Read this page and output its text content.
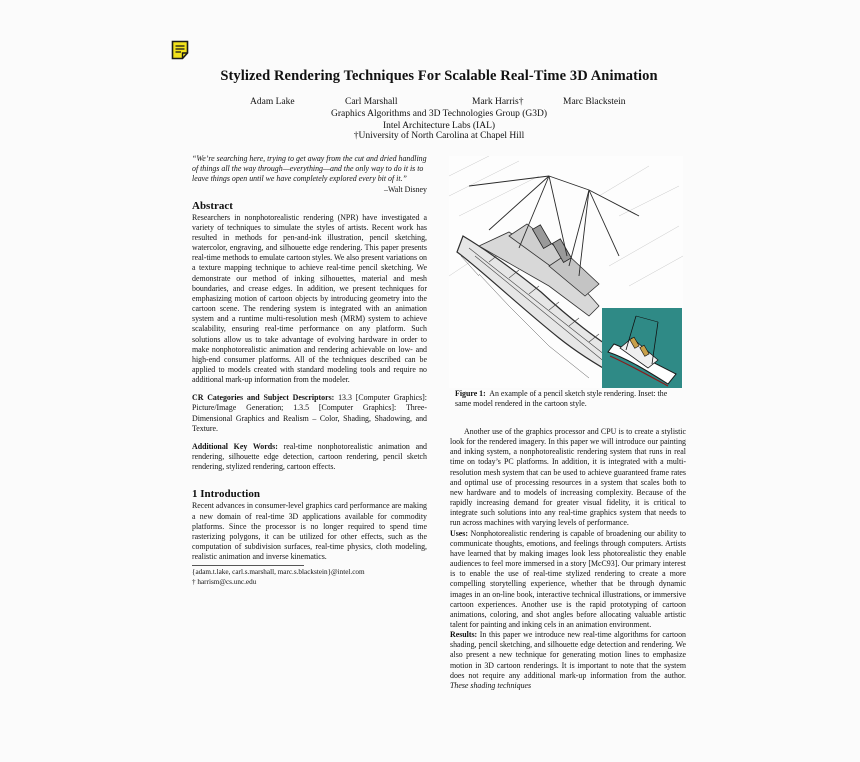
Stylized Rendering Techniques For Scalable Real-Time 3D Animation
Adam Lake	Carl Marshall	Mark Harris†	Marc Blackstein
Graphics Algorithms and 3D Technologies Group (G3D)
Intel Architecture Labs (IAL)
†University of North Carolina at Chapel Hill

“We’re searching here, trying to get away from the cut and dried handling of things all the way through—everything—and the only way to do it is to leave things open until we have completely explored every bit of it.”

–Walt Disney

Abstract

Researchers in nonphotorealistic rendering (NPR) have investigated a variety of techniques to simulate the styles of artists. Recent work has resulted in methods for pen-and-ink illustration, pencil sketching, watercolor, engraving, and silhouette edge rendering. This paper presents real-time methods to emulate cartoon styles. We also present variations on a texture mapping technique to achieve real-time pencil sketching. We demonstrate our method of inking silhouettes, material and mesh boundaries, and crease edges. In addition, we present techniques for emphasizing motion of cartoon objects by introducing geometry into the cartoon scene. The rendering system is integrated with an animation system and a runtime multi-resolution mesh (MRM) system to achieve scalability, ensuring real-time performance on any platform. Such solutions allow us to take advantage of evolving hardware in order to make nonphotorealistic animation and rendering achievable on low- and high-end consumer platforms. All of the techniques described can be applied to models created with standard modeling tools and require no additional mark-up information from the modeler.

CR Categories and Subject Descriptors: 13.3 [Computer Graphics]: Picture/Image Generation; 1.3.5 [Computer Graphics]: Three-Dimensional Graphics and Realism – Color, Shading, Shadowing, and Texture.

Additional Key Words: real-time nonphotorealistic animation and rendering, silhouette edge detection, cartoon rendering, pencil sketch rendering, stylized rendering, cartoon effects.

1 Introduction

Recent advances in consumer-level graphics card performance are making a new domain of real-time 3D applications available for commodity platforms. Since the processor is no longer required to spend time rasterizing polygons, it can be utilized for other effects, such as the computation of subdivision surfaces, real-time physics, cloth modeling, realistic animation and inverse kinematics.

{adam.t.lake, carl.s.marshall, marc.s.blackstein}@intel.com

† harrism@cs.unc.edu

Figure 1: An example of a pencil sketch style rendering. Inset: the same model rendered in the cartoon style.

Another use of the graphics processor and CPU is to create a stylistic look for the rendered imagery. In this paper we will introduce our painting and inking system, a nonphotorealistic rendering system that runs in real time on today’s PC platforms. In addition, it is integrated with a multi-resolution mesh system that can be used to achieve guaranteed frame rates and optimal use of processing resources in a system that scales both to new hardware and to models of increasing complexity. Because of the rapidly increasing demand for greater visual fidelity, it is critical to integrate such solutions into any real-time graphics system that needs to run across machines with varying levels of performance.

Uses: Nonphotorealistic rendering is capable of broadening our ability to communicate thoughts, emotions, and feelings through computers. Artists have learned that by making images look less photorealistic they enable audiences to feel more immersed in a story [McC93]. Our primary interest is to enable the use of real-time stylized rendering to create a more compelling storytelling experience, whether that be through dynamic images in an on-line book, interactive technical illustrations, or immersive cartoon experiences. Another use is the rapid prototyping of cartoon animations, coloring, and shot angles before allocating valuable artistic talent for painting and inking cels in an animation environment.

Results: In this paper we introduce new real-time algorithms for cartoon shading, pencil sketching, and silhouette edge detection and rendering. We also present a new technique for generating motion lines to emphasize motion in 3D cartoon renderings. It is important to note that the system does not require any additional mark-up information from the author. These shading techniques
